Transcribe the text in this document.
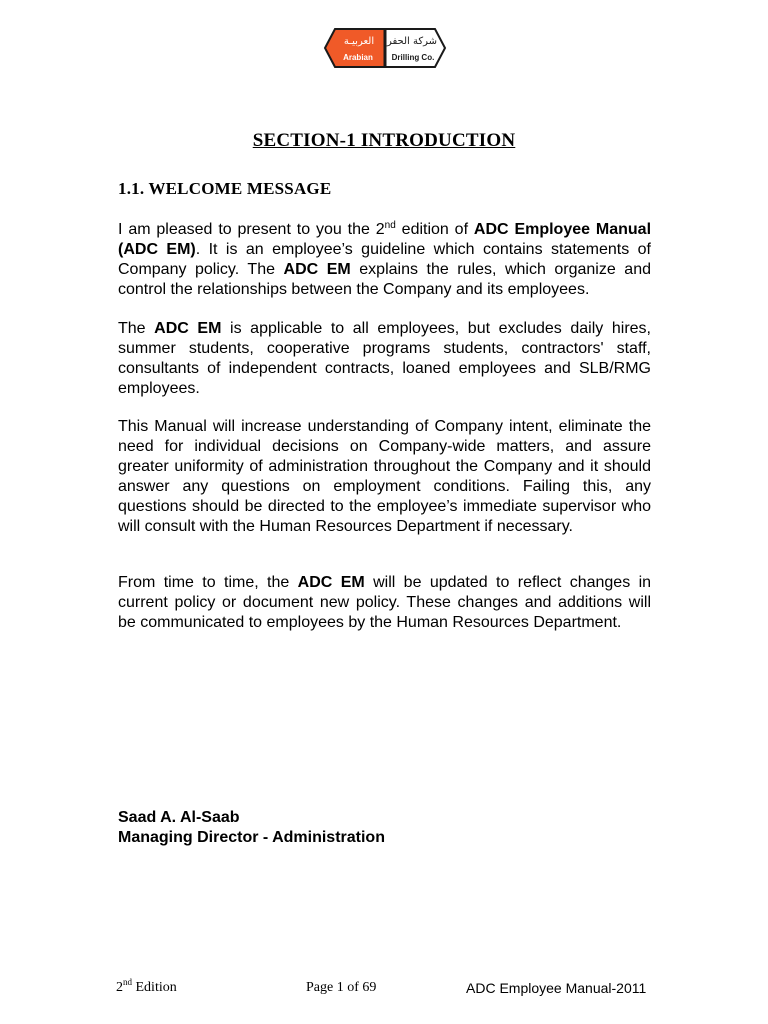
العربيـة
Arabian
شركة الحفر
Drilling Co.
SECTION-1 INTRODUCTION
1.1. WELCOME MESSAGE

I am pleased to present to you the 2nd edition of ADC Employee Manual (ADC EM). It is an employee’s guideline which contains statements of Company policy. The ADC EM explains the rules, which organize and control the relationships between the Company and its employees.

The ADC EM is applicable to all employees, but excludes daily hires, summer students, cooperative programs students, contractors' staff, consultants of independent contracts, loaned employees and SLB/RMG employees.

This Manual will increase understanding of Company intent, eliminate the need for individual decisions on Company-wide matters, and assure greater uniformity of administration throughout the Company and it should answer any questions on employment conditions. Failing this, any questions should be directed to the employee’s immediate supervisor who will consult with the Human Resources Department if necessary.

From time to time, the ADC EM will be updated to reflect changes in current policy or document new policy. These changes and additions will be communicated to employees by the Human Resources Department.

Saad A. Al-Saab
Managing Director - Administration
2nd Edition	Page 1 of 69	ADC Employee Manual-2011
